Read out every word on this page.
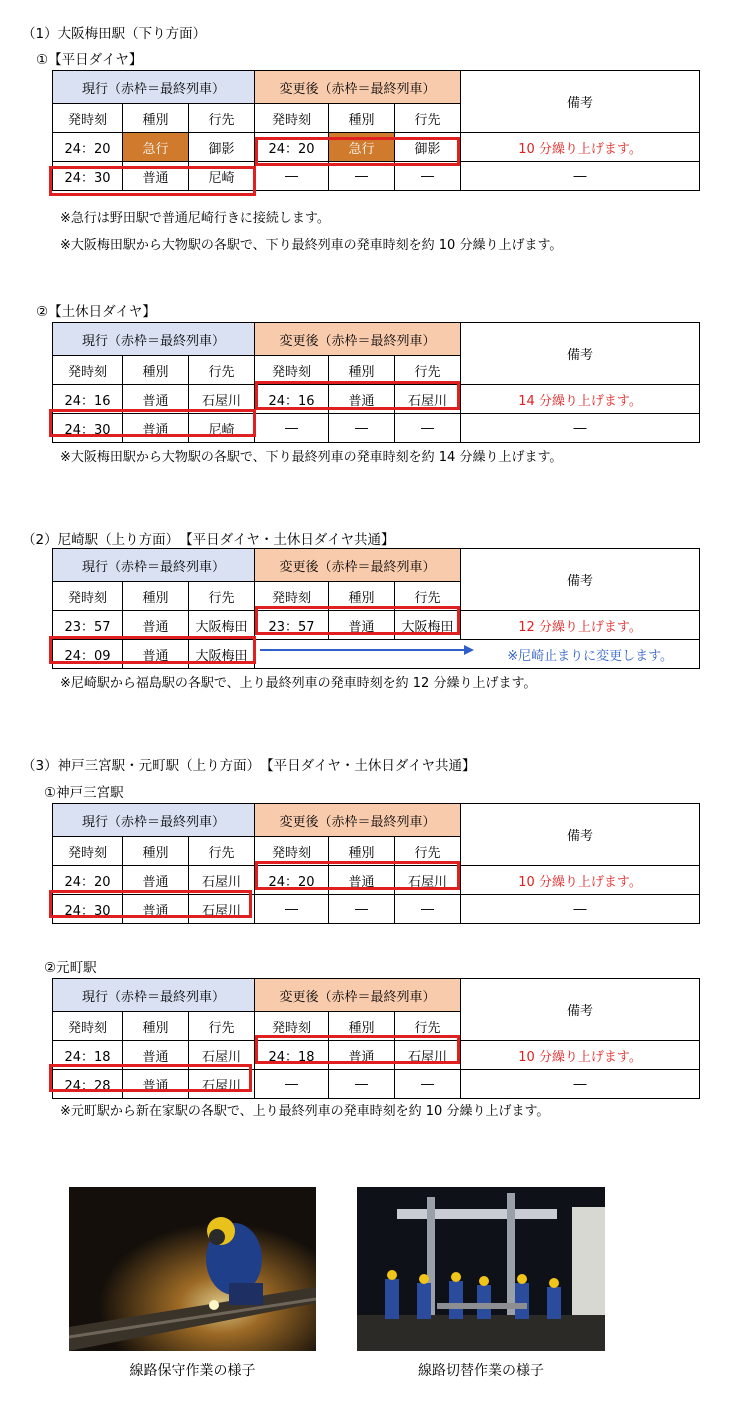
（1）大阪梅田駅（下り方面）
①【平日ダイヤ】
現行（赤枠＝最終列車）			変更後（赤枠＝最終列車）			備考
発時刻	種別	行先	発時刻	種別	行先	
24：20	急行	御影	24：20	急行	御影	10 分繰り上げます。
24：30	普通	尼崎	―	―	―	―
※急行は野田駅で普通尼崎行きに接続します。
※大阪梅田駅から大物駅の各駅で、下り最終列車の発車時刻を約 10 分繰り上げます。
②【土休日ダイヤ】
現行（赤枠＝最終列車）			変更後（赤枠＝最終列車）			備考
発時刻	種別	行先	発時刻	種別	行先	
24：16	普通	石屋川	24：16	普通	石屋川	14 分繰り上げます。
24：30	普通	尼崎	―	―	―	―
※大阪梅田駅から大物駅の各駅で、下り最終列車の発車時刻を約 14 分繰り上げます。
（2）尼崎駅（上り方面）　【平日ダイヤ・土休日ダイヤ共通】
現行（赤枠＝最終列車）			変更後（赤枠＝最終列車）			備考
発時刻	種別	行先	発時刻	種別	行先	
23：57	普通	大阪梅田	23：57	普通	大阪梅田	12 分繰り上げます。
24：09	普通	大阪梅田	※尼崎止まりに変更します。			
※尼崎駅から福島駅の各駅で、上り最終列車の発車時刻を約 12 分繰り上げます。
（3）神戸三宮駅・元町駅（上り方面）　【平日ダイヤ・土休日ダイヤ共通】
①神戸三宮駅
現行（赤枠＝最終列車）			変更後（赤枠＝最終列車）			備考
発時刻	種別	行先	発時刻	種別	行先	
24：20	普通	石屋川	24：20	普通	石屋川	10 分繰り上げます。
24：30	普通	石屋川	―	―	―	―
②元町駅
現行（赤枠＝最終列車）			変更後（赤枠＝最終列車）			備考
発時刻	種別	行先	発時刻	種別	行先	
24：18	普通	石屋川	24：18	普通	石屋川	10 分繰り上げます。
24：28	普通	石屋川	―	―	―	―
※元町駅から新在家駅の各駅で、上り最終列車の発車時刻を約 10 分繰り上げます。
線路保守作業の様子	線路切替作業の様子
